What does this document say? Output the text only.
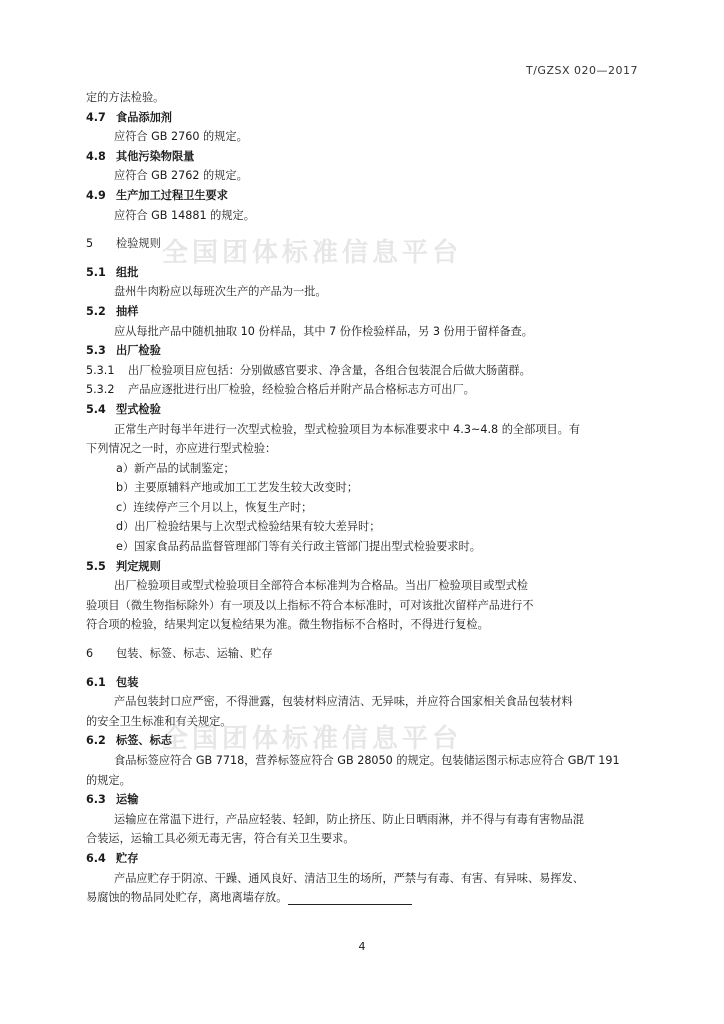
T/GZSX 020—2017
全国团体标准信息平台
全国团体标准信息平台
定的方法检验。
4.7 食品添加剂
应符合 GB 2760 的规定。
4.8 其他污染物限量
应符合 GB 2762 的规定。
4.9 生产加工过程卫生要求
应符合 GB 14881 的规定。
5 检验规则
5.1 组批
盘州牛肉粉应以每班次生产的产品为一批。
5.2 抽样
应从每批产品中随机抽取 10 份样品，其中 7 份作检验样品，另 3 份用于留样备查。
5.3 出厂检验
5.3.1 出厂检验项目应包括：分别做感官要求、净含量，各组合包装混合后做大肠菌群。
5.3.2 产品应逐批进行出厂检验，经检验合格后并附产品合格标志方可出厂。
5.4 型式检验
正常生产时每半年进行一次型式检验，型式检验项目为本标准要求中 4.3~4.8 的全部项目。有
下列情况之一时，亦应进行型式检验：
a）新产品的试制鉴定；
b）主要原辅料产地或加工工艺发生较大改变时；
c）连续停产三个月以上，恢复生产时；
d）出厂检验结果与上次型式检验结果有较大差异时；
e）国家食品药品监督管理部门等有关行政主管部门提出型式检验要求时。
5.5 判定规则
出厂检验项目或型式检验项目全部符合本标准判为合格品。当出厂检验项目或型式检
验项目（微生物指标除外）有一项及以上指标不符合本标准时，可对该批次留样产品进行不
符合项的检验，结果判定以复检结果为准。微生物指标不合格时，不得进行复检。
6 包装、标签、标志、运输、贮存
6.1 包装
产品包装封口应严密，不得泄露，包装材料应清洁、无异味，并应符合国家相关食品包装材料
的安全卫生标准和有关规定。
6.2 标签、标志
食品标签应符合 GB 7718，营养标签应符合 GB 28050 的规定。包装储运图示标志应符合 GB/T 191
的规定。
6.3 运输
运输应在常温下进行，产品应轻装、轻卸，防止挤压、防止日晒雨淋，并不得与有毒有害物品混
合装运，运输工具必须无毒无害，符合有关卫生要求。
6.4 贮存
产品应贮存于阴凉、干躁、通风良好、清洁卫生的场所，严禁与有毒、有害、有异味、易挥发、
易腐蚀的物品同处贮存，离地离墙存放。
4
